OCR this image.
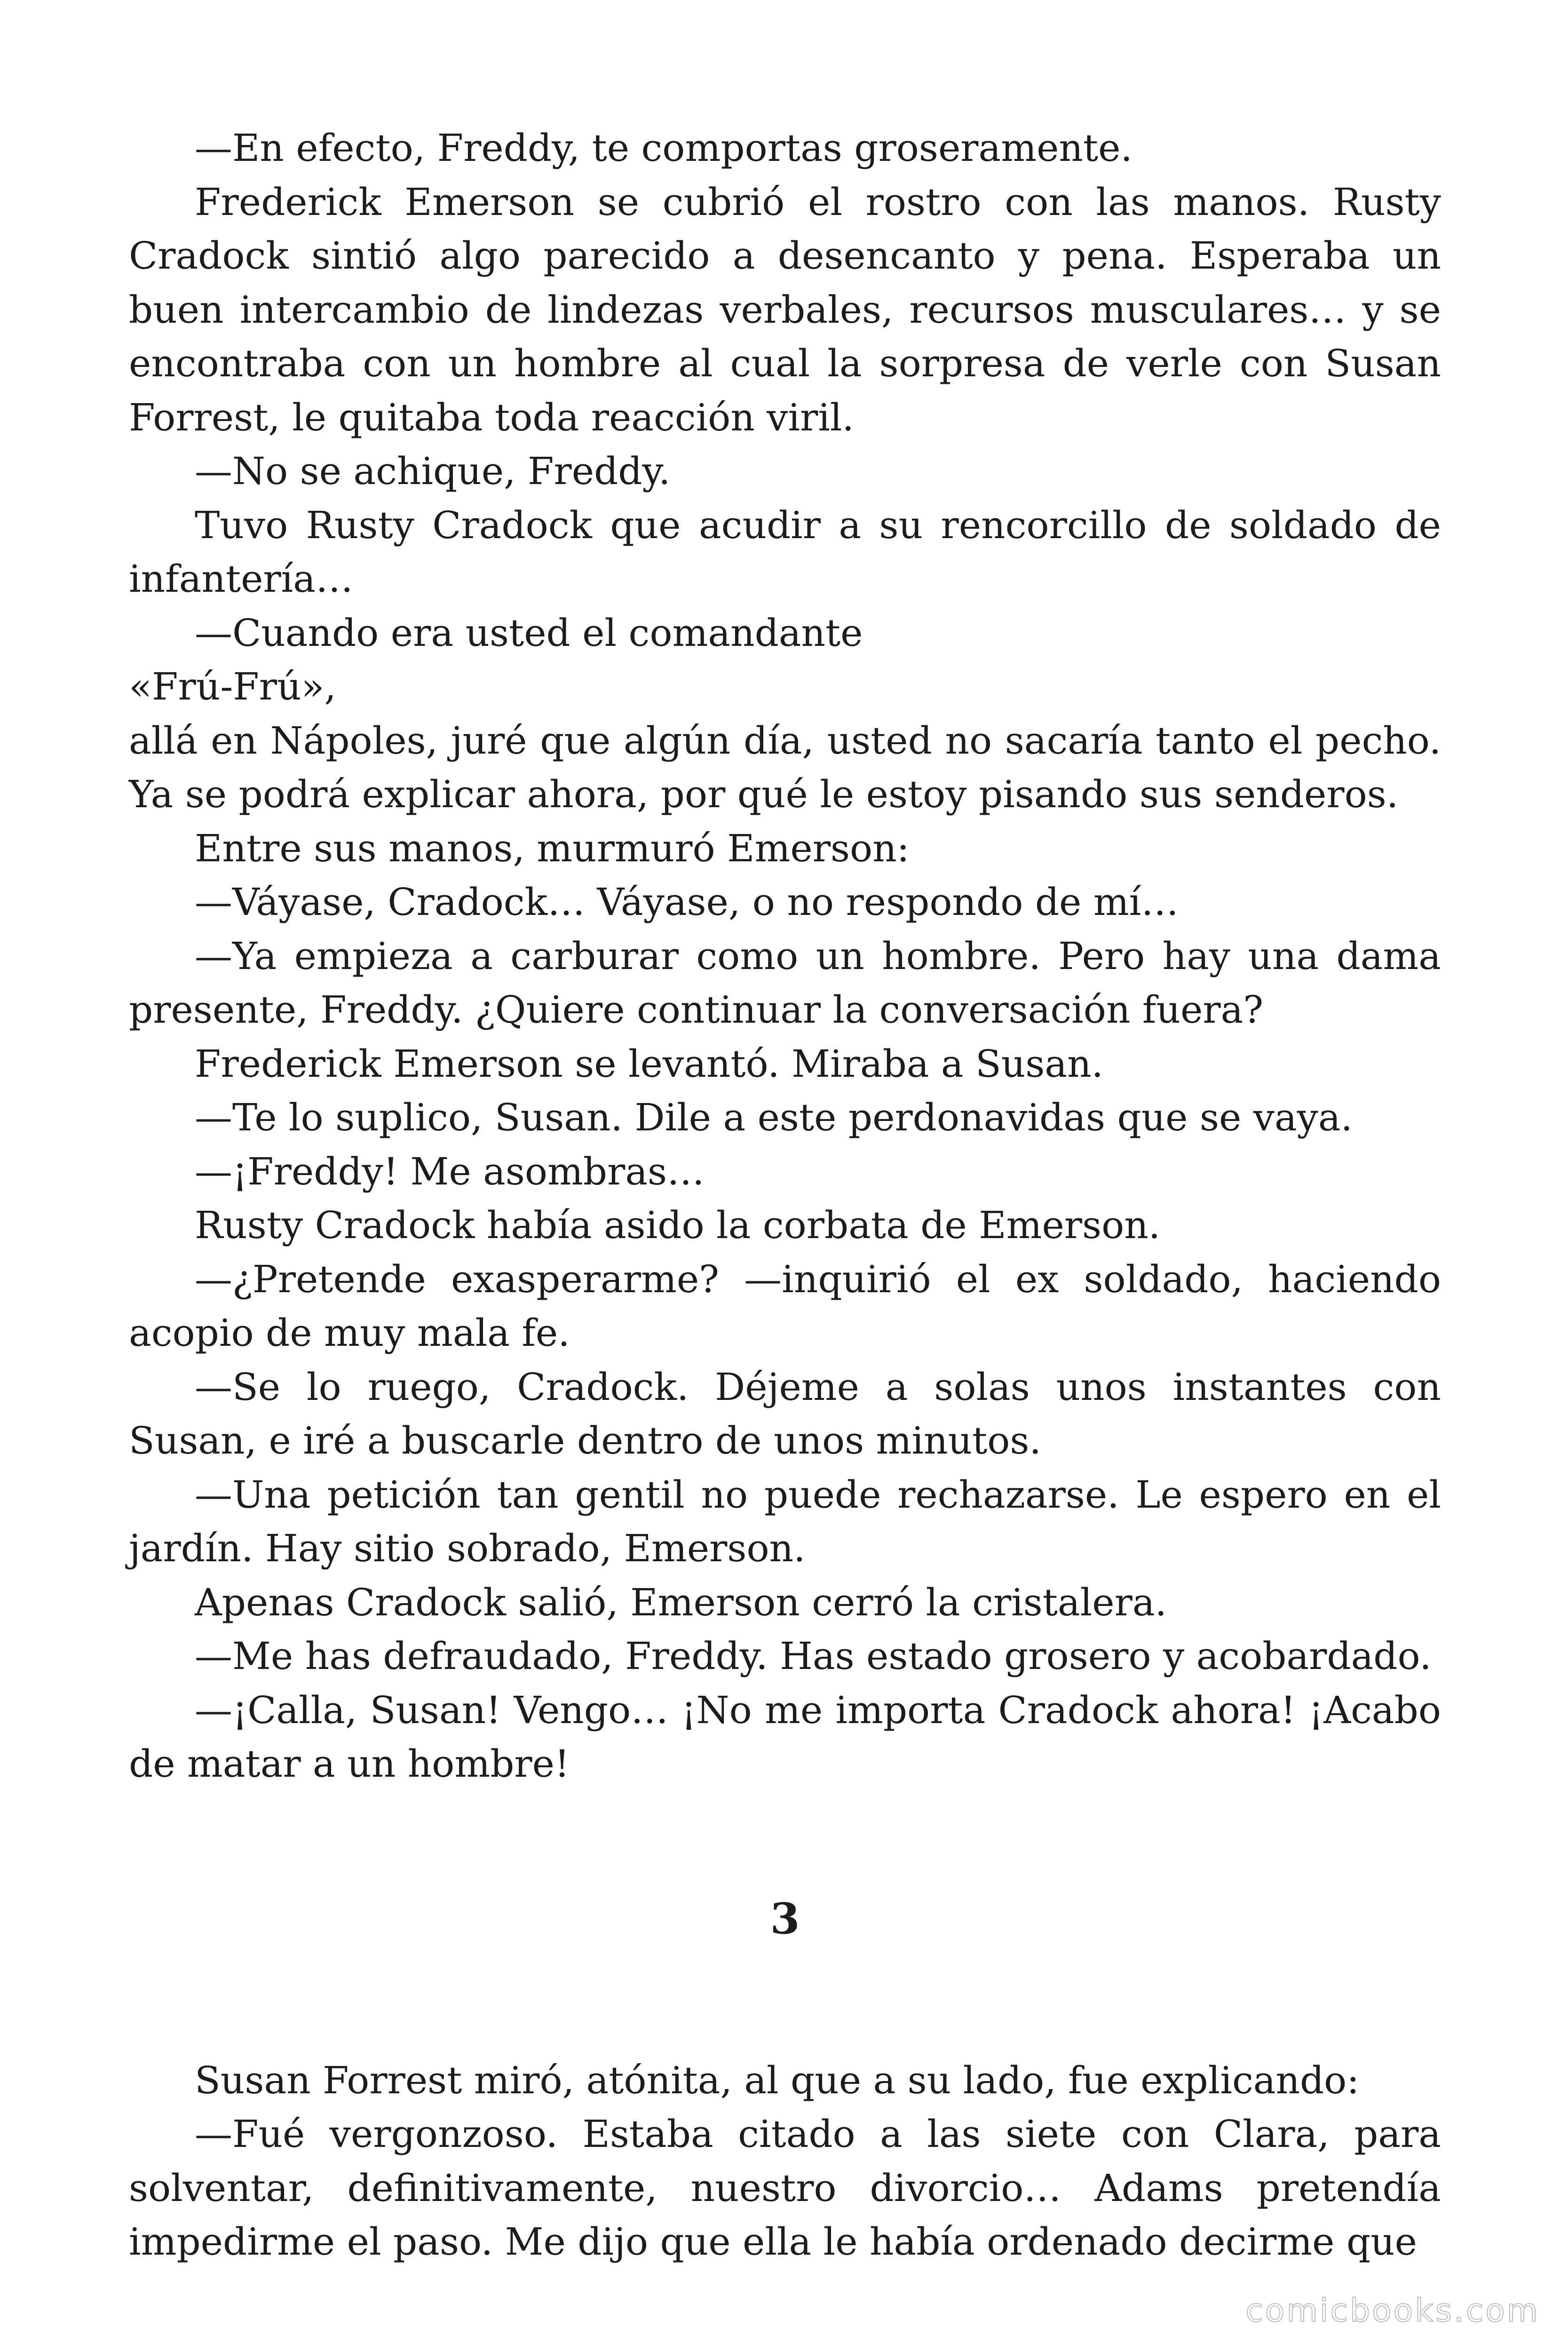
—En efecto, Freddy, te comportas groseramente.

Frederick Emerson se cubrió el rostro con las manos. Rusty Cradock sintió algo parecido a desencanto y pena. Esperaba un buen intercambio de lindezas verbales, recursos musculares… y se encontraba con un hombre al cual la sorpresa de verle con Susan Forrest, le quitaba toda reacción viril.

—No se achique, Freddy.

Tuvo Rusty Cradock que acudir a su rencorcillo de soldado de infantería…

—Cuando era usted el comandante

«Frú-Frú»,

allá en Nápoles, juré que algún día, usted no sacaría tanto el pecho. Ya se podrá explicar ahora, por qué le estoy pisando sus senderos.

Entre sus manos, murmuró Emerson:

—Váyase, Cradock… Váyase, o no respondo de mí…

—Ya empieza a carburar como un hombre. Pero hay una dama presente, Freddy. ¿Quiere continuar la conversación fuera?

Frederick Emerson se levantó. Miraba a Susan.

—Te lo suplico, Susan. Dile a este perdonavidas que se vaya.

—¡Freddy! Me asombras…

Rusty Cradock había asido la corbata de Emerson.

—¿Pretende exasperarme? —inquirió el ex soldado, haciendo acopio de muy mala fe.

—Se lo ruego, Cradock. Déjeme a solas unos instantes con Susan, e iré a buscarle dentro de unos minutos.

—Una petición tan gentil no puede rechazarse. Le espero en el jardín. Hay sitio sobrado, Emerson.

Apenas Cradock salió, Emerson cerró la cristalera.

—Me has defraudado, Freddy. Has estado grosero y acobardado.

—¡Calla, Susan! Vengo… ¡No me importa Cradock ahora! ¡Acabo de matar a un hombre!

3

Susan Forrest miró, atónita, al que a su lado, fue explicando:

—Fué vergonzoso. Estaba citado a las siete con Clara, para solventar, definitivamente, nuestro divorcio… Adams pretendía impedirme el paso. Me dijo que ella le había ordenado decirme que

comicbooks.com
